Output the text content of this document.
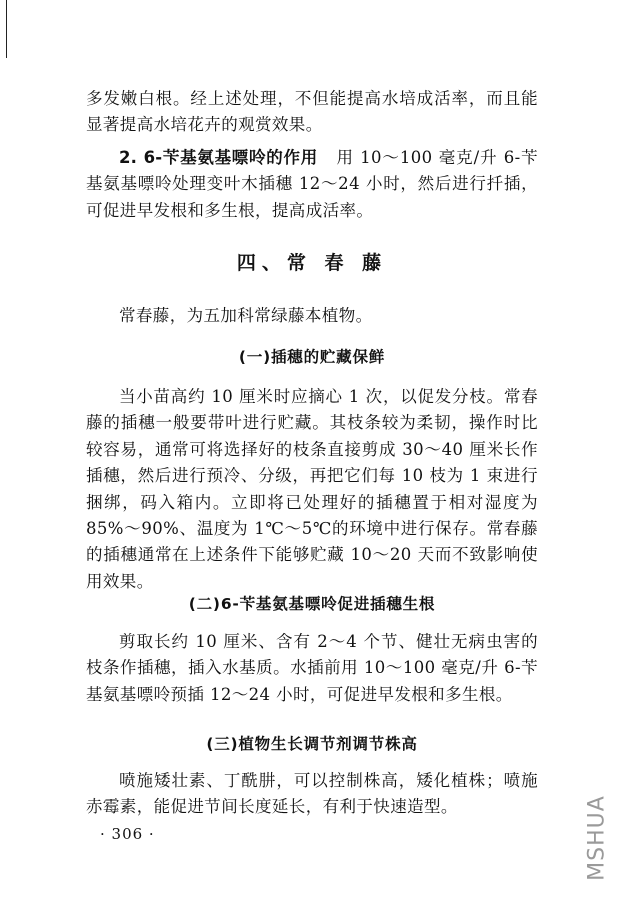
多发嫩白根。经上述处理，不但能提高水培成活率，而且能显著提高水培花卉的观赏效果。

2. 6-苄基氨基嘌呤的作用 用 10～100 毫克/升 6-苄基氨基嘌呤处理变叶木插穗 12～24 小时，然后进行扦插，可促进早发根和多生根，提高成活率。

四、常 春 藤

常春藤，为五加科常绿藤本植物。

(一)插穗的贮藏保鲜

当小苗高约 10 厘米时应摘心 1 次，以促发分枝。常春藤的插穗一般要带叶进行贮藏。其枝条较为柔韧，操作时比较容易，通常可将选择好的枝条直接剪成 30～40 厘米长作插穗，然后进行预冷、分级，再把它们每 10 枝为 1 束进行捆绑，码入箱内。立即将已处理好的插穗置于相对湿度为 85%～90%、温度为 1℃～5℃的环境中进行保存。常春藤的插穗通常在上述条件下能够贮藏 10～20 天而不致影响使用效果。

(二)6-苄基氨基嘌呤促进插穗生根

剪取长约 10 厘米、含有 2～4 个节、健壮无病虫害的枝条作插穗，插入水基质。水插前用 10～100 毫克/升 6-苄基氨基嘌呤预插 12～24 小时，可促进早发根和多生根。

(三)植物生长调节剂调节株高

喷施矮壮素、丁酰肼，可以控制株高，矮化植株；喷施赤霉素，能促进节间长度延长，有利于快速造型。

· 306 ·	MSHUA
